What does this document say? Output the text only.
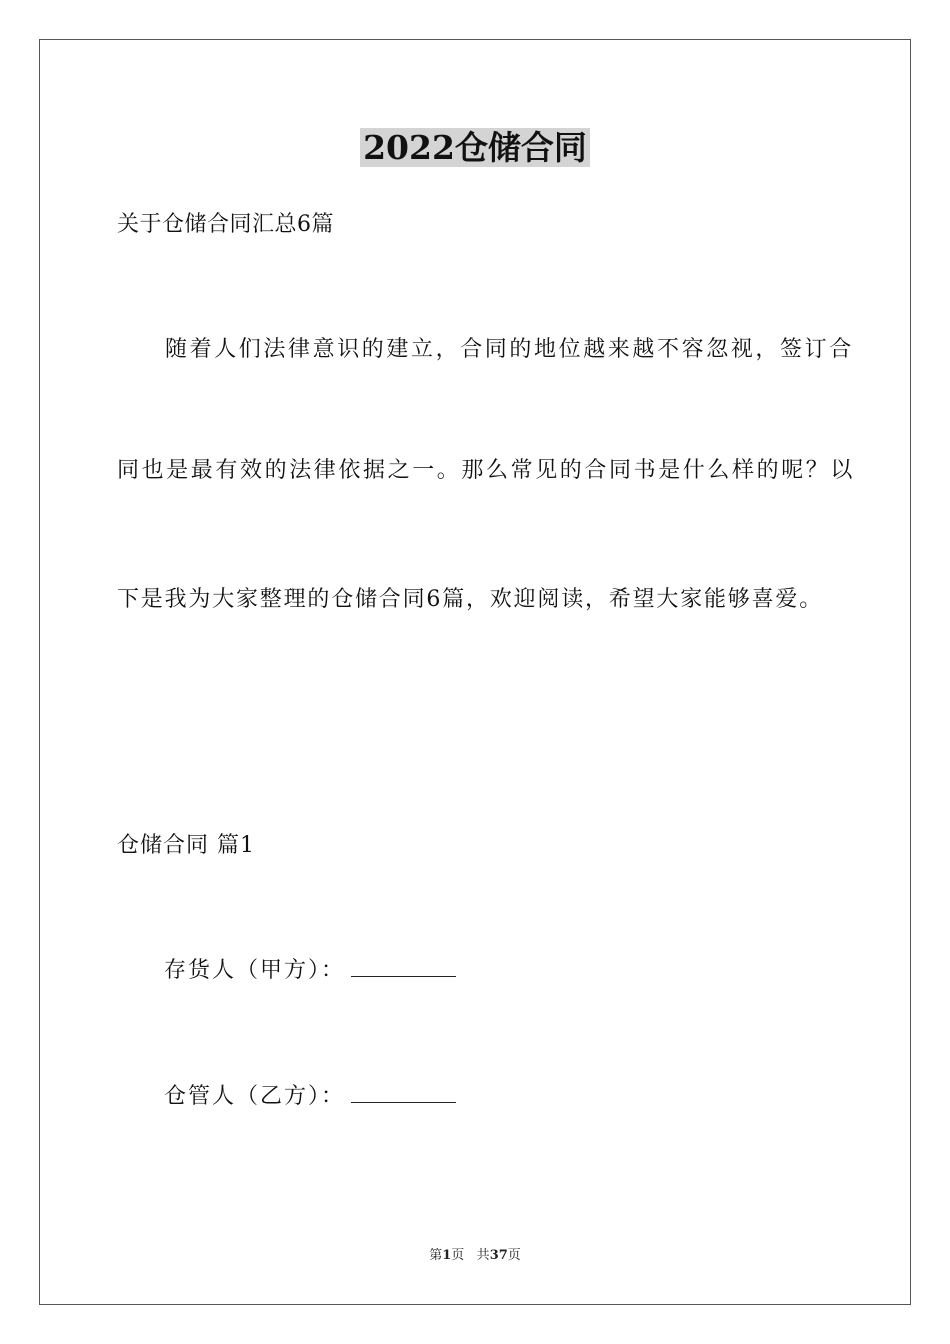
2022仓储合同
关于仓储合同汇总6篇
随着人们法律意识的建立，合同的地位越来越不容忽视，签订合
同也是最有效的法律依据之一。那么常见的合同书是什么样的呢？以
下是我为大家整理的仓储合同6篇，欢迎阅读，希望大家能够喜爱。
仓储合同 篇1
存货人（甲方）：
仓管人（乙方）：
第1页 共37页
